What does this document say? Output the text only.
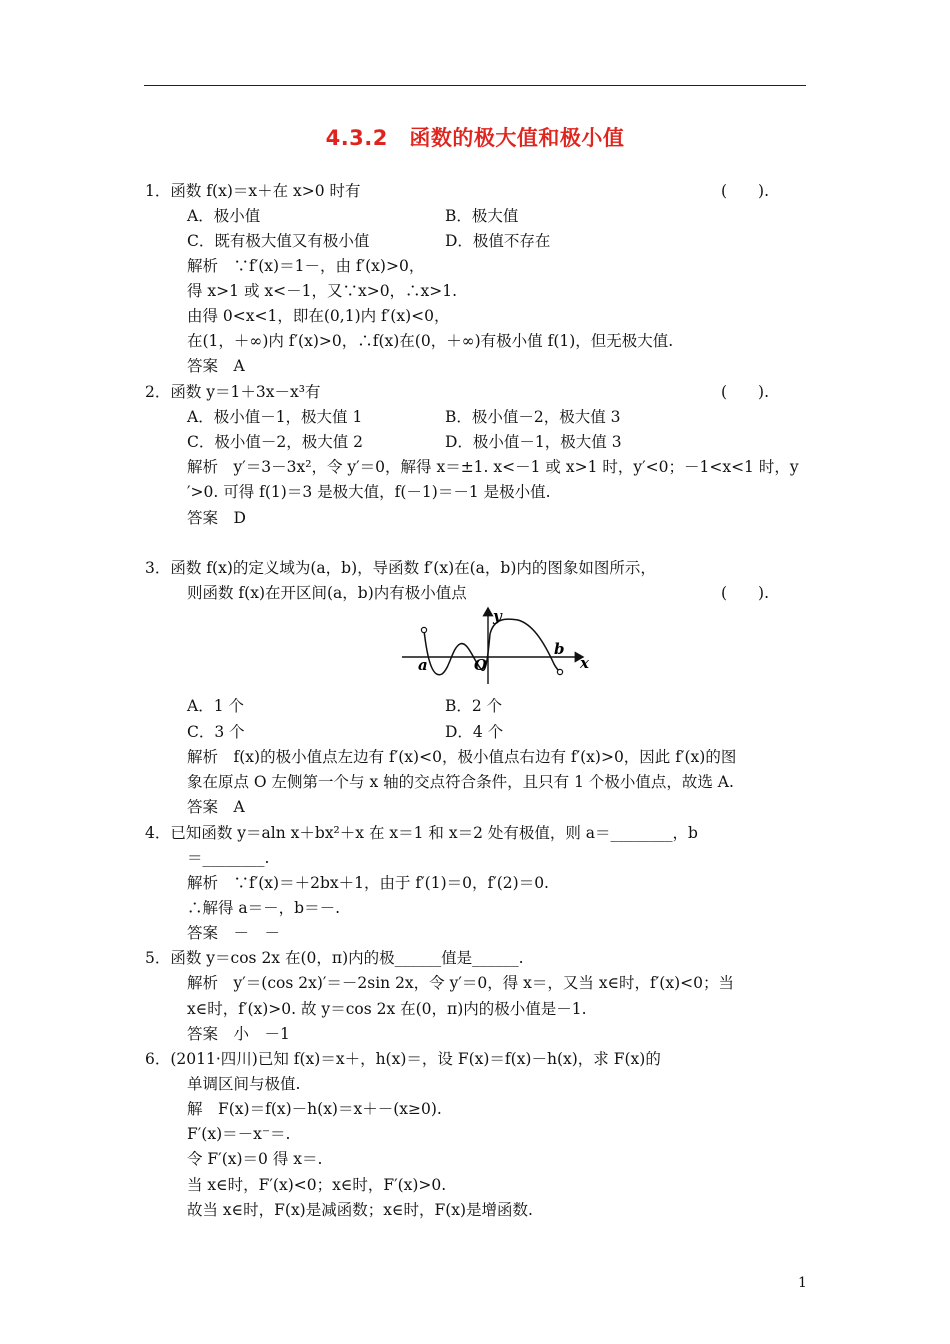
4.3.2　函数的极大值和极小值
1．函数 f(x)＝x＋在 x>0 时有	(　　).
A．极小值	B．极大值
C．既有极大值又有极小值	D．极值不存在
解析　∵f′(x)＝1－，由 f′(x)>0，
得 x>1 或 x<－1，又∵x>0，∴x>1.
由得 0<x<1，即在(0,1)内 f′(x)<0，
在(1，＋∞)内 f′(x)>0，∴f(x)在(0，＋∞)有极小值 f(1)，但无极大值.
答案　A
2．函数 y＝1＋3x－x³有	(　　).
A．极小值－1，极大值 1	B．极小值－2，极大值 3
C．极小值－2，极大值 2	D．极小值－1，极大值 3
解析　y′＝3－3x²，令 y′＝0，解得 x＝±1. x<－1 或 x>1 时，y′<0；－1<x<1 时，y
′>0. 可得 f(1)＝3 是极大值，f(－1)＝－1 是极小值.
答案　D
3．函数 f(x)的定义域为(a，b)，导函数 f′(x)在(a，b)内的图象如图所示，
则函数 f(x)在开区间(a，b)内有极小值点	(　　).
y
x
a
b
O
A．1 个	B．2 个
C．3 个	D．4 个
解析　f(x)的极小值点左边有 f′(x)<0，极小值点右边有 f′(x)>0，因此 f′(x)的图
象在原点 O 左侧第一个与 x 轴的交点符合条件，且只有 1 个极小值点，故选 A.
答案　A
4．已知函数 y＝aln x＋bx²＋x 在 x＝1 和 x＝2 处有极值，则 a＝________，b
＝________.
解析　∵f′(x)＝＋2bx＋1，由于 f′(1)＝0，f′(2)＝0.
∴解得 a＝－，b＝－.
答案　－　－
5．函数 y＝cos 2x 在(0，π)内的极______值是______.
解析　y′＝(cos 2x)′＝－2sin 2x，令 y′＝0，得 x＝，又当 x∈时，f′(x)<0；当
x∈时，f′(x)>0. 故 y＝cos 2x 在(0，π)内的极小值是－1.
答案　小　－1
6．(2011·四川)已知 f(x)＝x＋，h(x)＝，设 F(x)＝f(x)－h(x)，求 F(x)的
单调区间与极值.
解　F(x)＝f(x)－h(x)＝x＋－(x≥0).
F′(x)＝－x⁻＝.
令 F′(x)＝0 得 x＝.
当 x∈时，F′(x)<0；x∈时，F′(x)>0.
故当 x∈时，F(x)是减函数；x∈时，F(x)是增函数.
1
